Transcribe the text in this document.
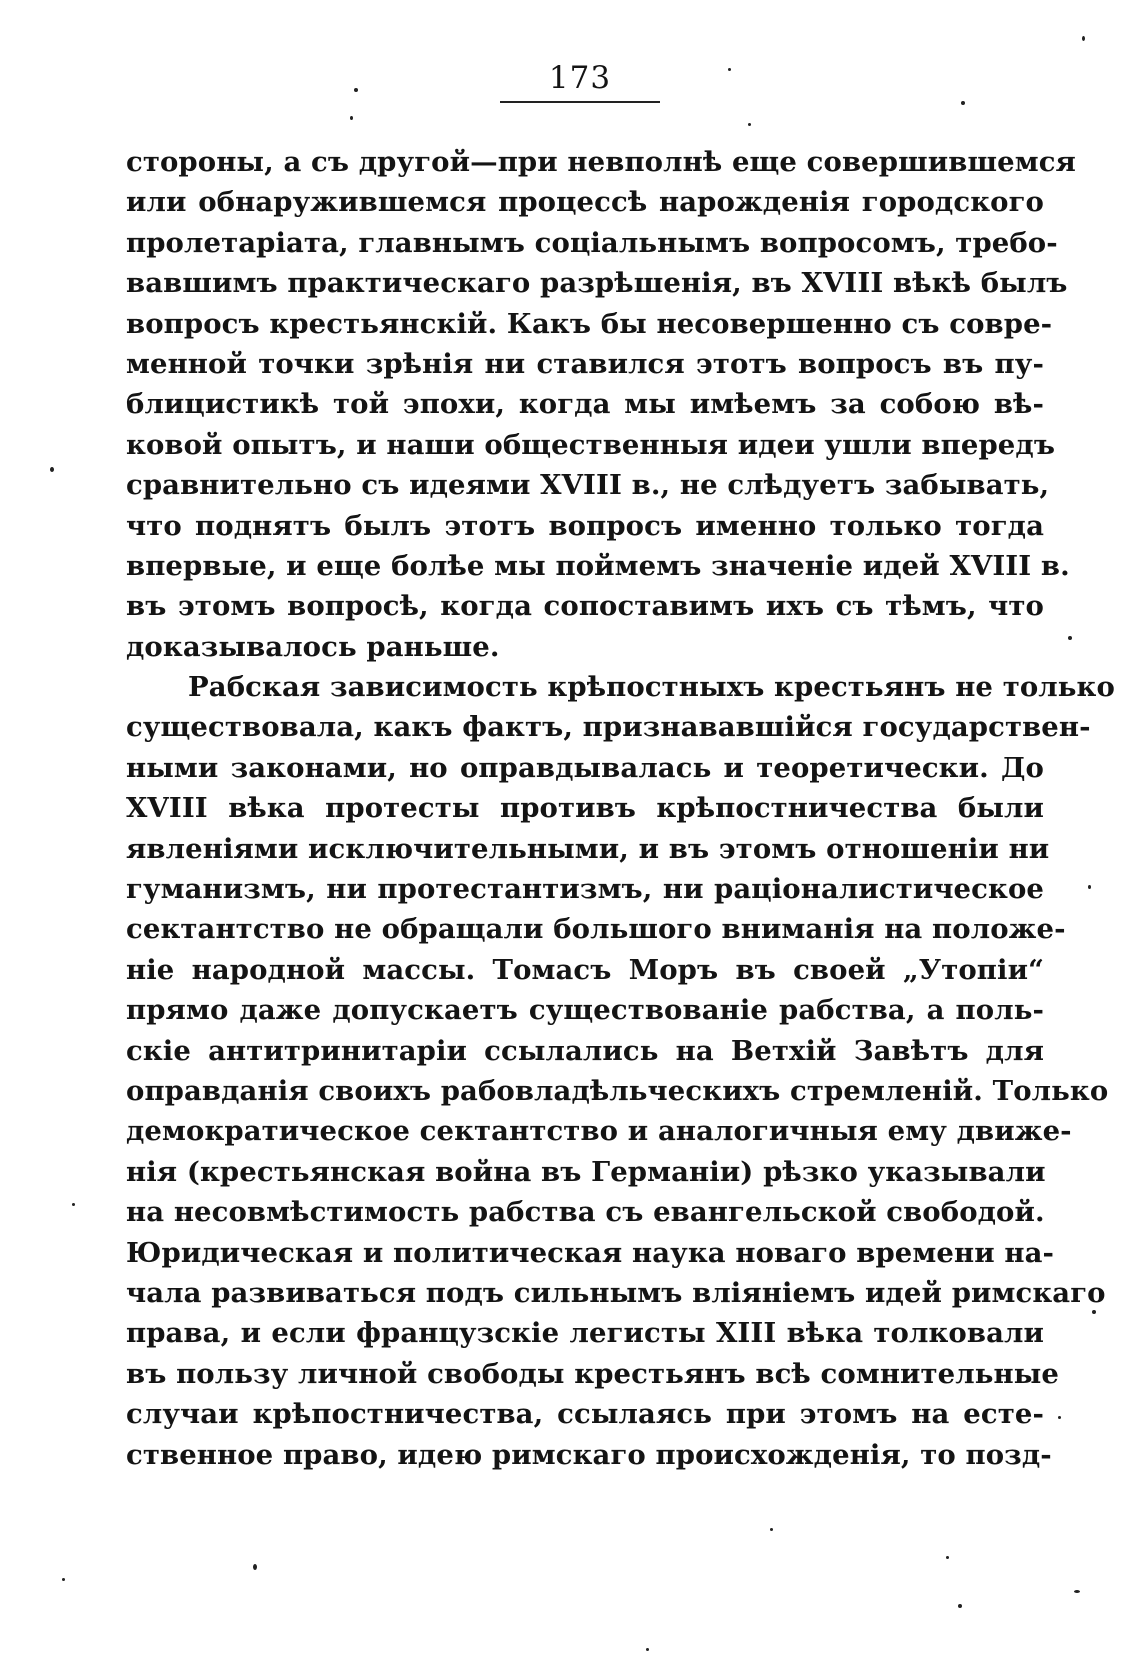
173
стороны, а съ другой—при невполнѣ еще совершившемся
или обнаружившемся процессѣ нарожденія городского
пролетаріата, главнымъ соціальнымъ вопросомъ, требо-
вавшимъ практическаго разрѣшенія, въ XVIII вѣкѣ былъ
вопросъ крестьянскій. Какъ бы несовершенно съ совре-
менной точки зрѣнія ни ставился этотъ вопросъ въ пу-
блицистикѣ той эпохи, когда мы имѣемъ за собою вѣ-
ковой опытъ, и наши общественныя идеи ушли впередъ
сравнительно съ идеями XVIII в., не слѣдуетъ забывать,
что поднятъ былъ этотъ вопросъ именно только тогда
впервые, и еще болѣе мы поймемъ значеніе идей XVIII в.
въ этомъ вопросѣ, когда сопоставимъ ихъ съ тѣмъ, что
доказывалось раньше.
Рабская зависимость крѣпостныхъ крестьянъ не только
существовала, какъ фактъ, признававшійся государствен-
ными законами, но оправдывалась и теоретически. До
XVIII вѣка протесты противъ крѣпостничества были
явленіями исключительными, и въ этомъ отношеніи ни
гуманизмъ, ни протестантизмъ, ни раціоналистическое
сектантство не обращали большого вниманія на положе-
ніе народной массы. Томасъ Моръ въ своей „Утопіи“
прямо даже допускаетъ существованіе рабства, а поль-
скіе антитринитаріи ссылались на Ветхій Завѣтъ для
оправданія своихъ рабовладѣльческихъ стремленій. Только
демократическое сектантство и аналогичныя ему движе-
нія (крестьянская война въ Германіи) рѣзко указывали
на несовмѣстимость рабства съ евангельской свободой.
Юридическая и политическая наука новаго времени на-
чала развиваться подъ сильнымъ вліяніемъ идей римскаго
права, и если французскіе легисты XIII вѣка толковали
въ пользу личной свободы крестьянъ всѣ сомнительные
случаи крѣпостничества, ссылаясь при этомъ на есте-
ственное право, идею римскаго происхожденія, то позд-
